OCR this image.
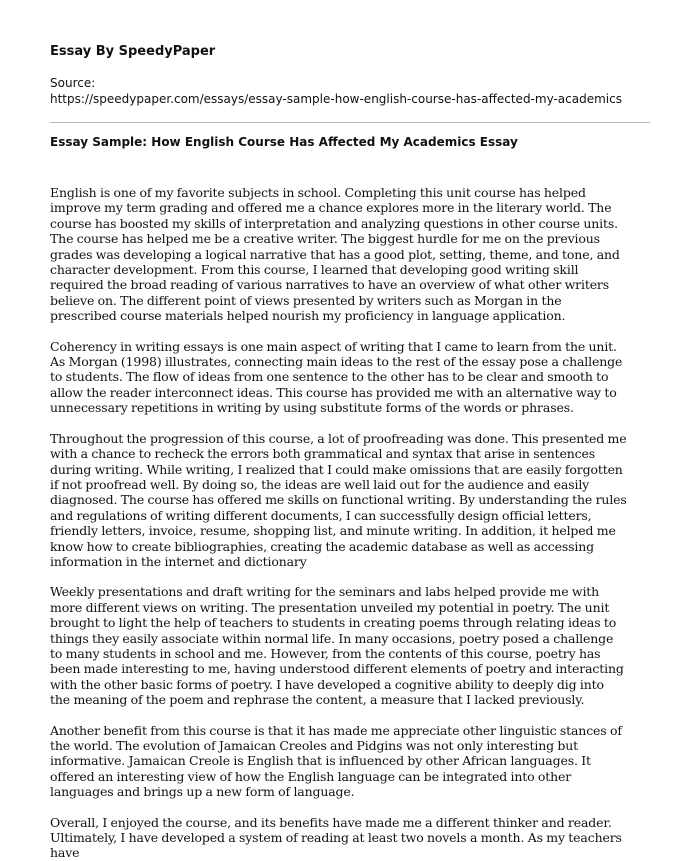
Essay By SpeedyPaper
Source:
https://speedypaper.com/essays/essay-sample-how-english-course-has-affected-my-academics
Essay Sample: How English Course Has Affected My Academics Essay

English is one of my favorite subjects in school. Completing this unit course has helped improve my term grading and offered me a chance explores more in the literary world. The course has boosted my skills of interpretation and analyzing questions in other course units. The course has helped me be a creative writer. The biggest hurdle for me on the previous grades was developing a logical narrative that has a good plot, setting, theme, and tone, and character development. From this course, I learned that developing good writing skill required the broad reading of various narratives to have an overview of what other writers believe on. The different point of views presented by writers such as Morgan in the prescribed course materials helped nourish my proficiency in language application.

Coherency in writing essays is one main aspect of writing that I came to learn from the unit. As Morgan (1998) illustrates, connecting main ideas to the rest of the essay pose a challenge to students. The flow of ideas from one sentence to the other has to be clear and smooth to allow the reader interconnect ideas. This course has provided me with an alternative way to unnecessary repetitions in writing by using substitute forms of the words or phrases.

Throughout the progression of this course, a lot of proofreading was done. This presented me with a chance to recheck the errors both grammatical and syntax that arise in sentences during writing. While writing, I realized that I could make omissions that are easily forgotten if not proofread well. By doing so, the ideas are well laid out for the audience and easily diagnosed. The course has offered me skills on functional writing. By understanding the rules and regulations of writing different documents, I can successfully design official letters, friendly letters, invoice, resume, shopping list, and minute writing. In addition, it helped me know how to create bibliographies, creating the academic database as well as accessing information in the internet and dictionary

Weekly presentations and draft writing for the seminars and labs helped provide me with more different views on writing. The presentation unveiled my potential in poetry. The unit brought to light the help of teachers to students in creating poems through relating ideas to things they easily associate within normal life. In many occasions, poetry posed a challenge to many students in school and me. However, from the contents of this course, poetry has been made interesting to me, having understood different elements of poetry and interacting with the other basic forms of poetry. I have developed a cognitive ability to deeply dig into the meaning of the poem and rephrase the content, a measure that I lacked previously.

Another benefit from this course is that it has made me appreciate other linguistic stances of the world. The evolution of Jamaican Creoles and Pidgins was not only interesting but informative. Jamaican Creole is English that is influenced by other African languages. It offered an interesting view of how the English language can be integrated into other languages and brings up a new form of language.

Overall, I enjoyed the course, and its benefits have made me a different thinker and reader. Ultimately, I have developed a system of reading at least two novels a month. As my teachers have
